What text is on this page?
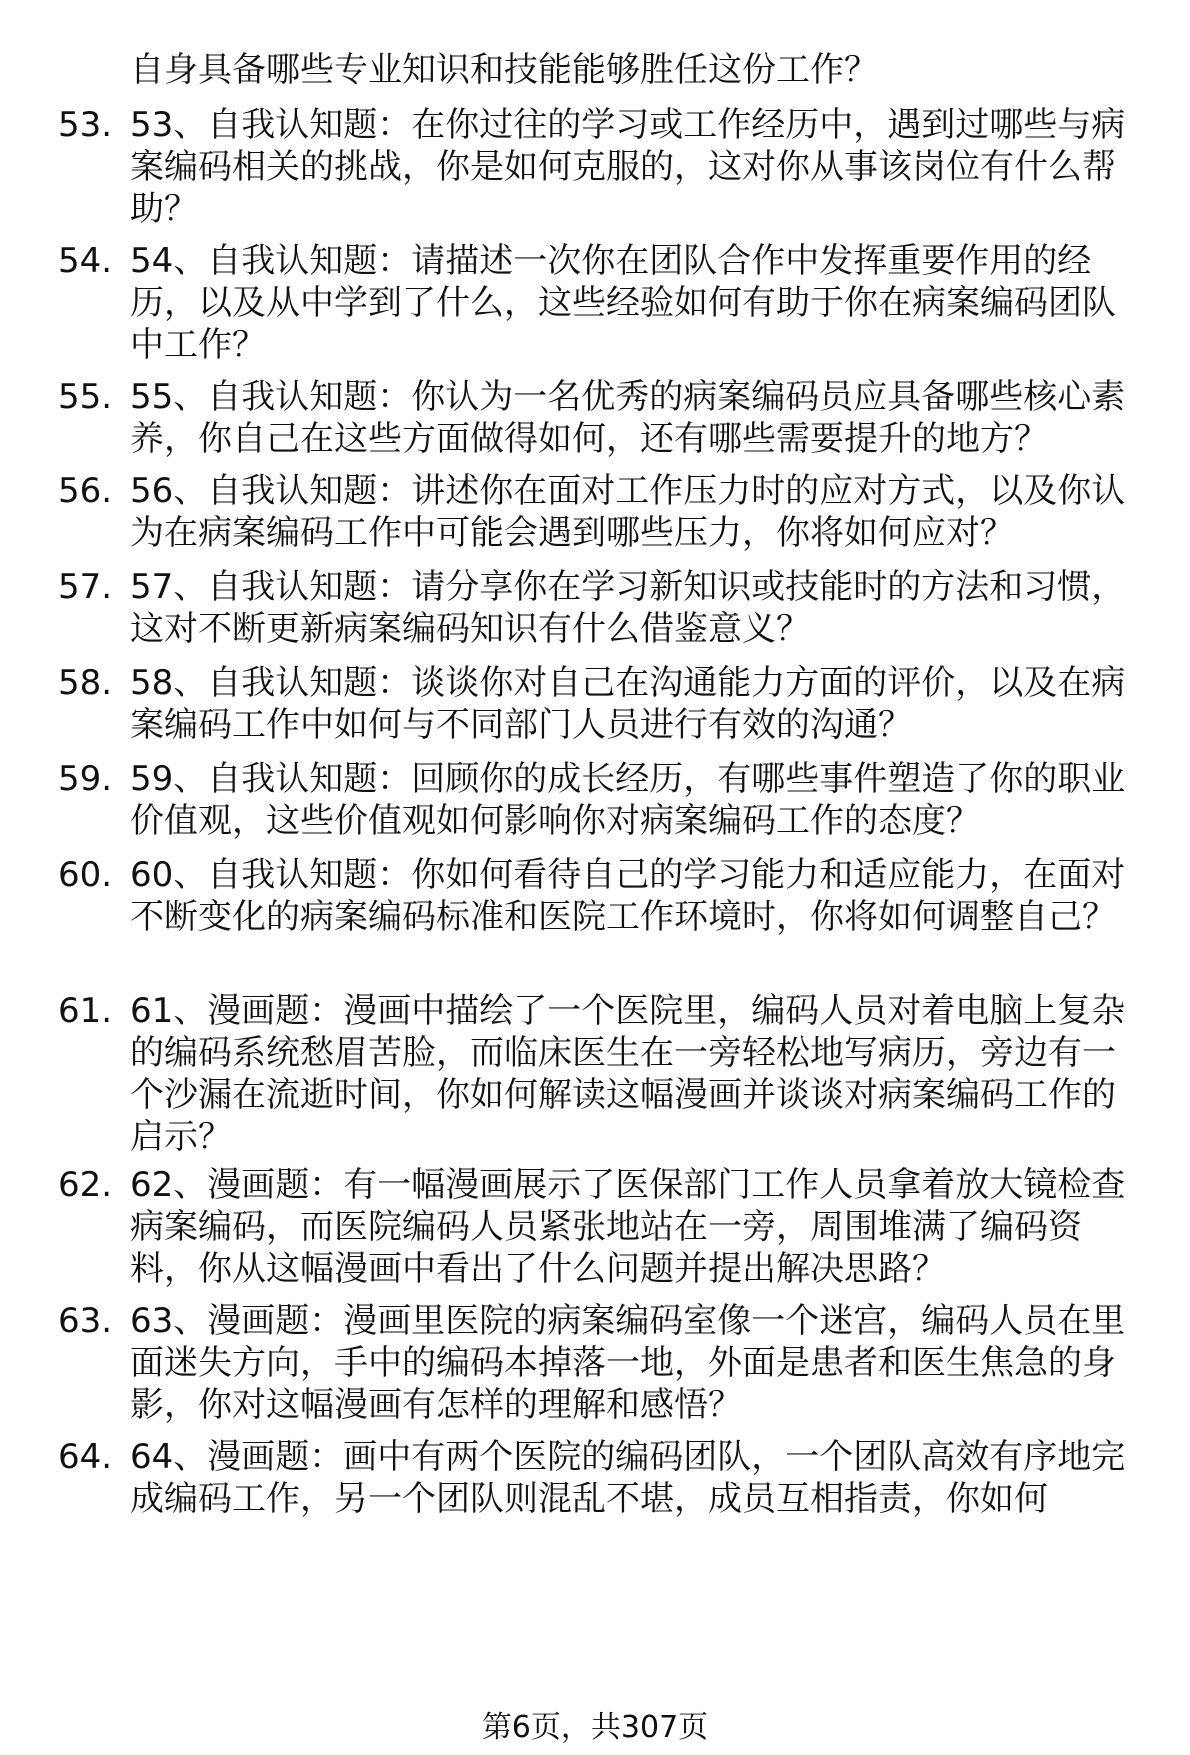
自身具备哪些专业知识和技能能够胜任这份工作？
53. 53、自我认知题：在你过往的学习或工作经历中，遇到过哪些与病案编码相关的挑战，你是如何克服的，这对你从事该岗位有什么帮助？
54. 54、自我认知题：请描述一次你在团队合作中发挥重要作用的经历，以及从中学到了什么，这些经验如何有助于你在病案编码团队中工作？
55. 55、自我认知题：你认为一名优秀的病案编码员应具备哪些核心素养，你自己在这些方面做得如何，还有哪些需要提升的地方？
56. 56、自我认知题：讲述你在面对工作压力时的应对方式，以及你认为在病案编码工作中可能会遇到哪些压力，你将如何应对？
57. 57、自我认知题：请分享你在学习新知识或技能时的方法和习惯，这对不断更新病案编码知识有什么借鉴意义？
58. 58、自我认知题：谈谈你对自己在沟通能力方面的评价，以及在病案编码工作中如何与不同部门人员进行有效的沟通？
59. 59、自我认知题：回顾你的成长经历，有哪些事件塑造了你的职业价值观，这些价值观如何影响你对病案编码工作的态度？
60. 60、自我认知题：你如何看待自己的学习能力和适应能力，在面对不断变化的病案编码标准和医院工作环境时，你将如何调整自己？
61. 61、漫画题：漫画中描绘了一个医院里，编码人员对着电脑上复杂的编码系统愁眉苦脸，而临床医生在一旁轻松地写病历，旁边有一个沙漏在流逝时间，你如何解读这幅漫画并谈谈对病案编码工作的启示？
62. 62、漫画题：有一幅漫画展示了医保部门工作人员拿着放大镜检查病案编码，而医院编码人员紧张地站在一旁，周围堆满了编码资料，你从这幅漫画中看出了什么问题并提出解决思路？
63. 63、漫画题：漫画里医院的病案编码室像一个迷宫，编码人员在里面迷失方向，手中的编码本掉落一地，外面是患者和医生焦急的身影，你对这幅漫画有怎样的理解和感悟？
64. 64、漫画题：画中有两个医院的编码团队，一个团队高效有序地完成编码工作，另一个团队则混乱不堪，成员互相指责，你如何
第6页，共307页
